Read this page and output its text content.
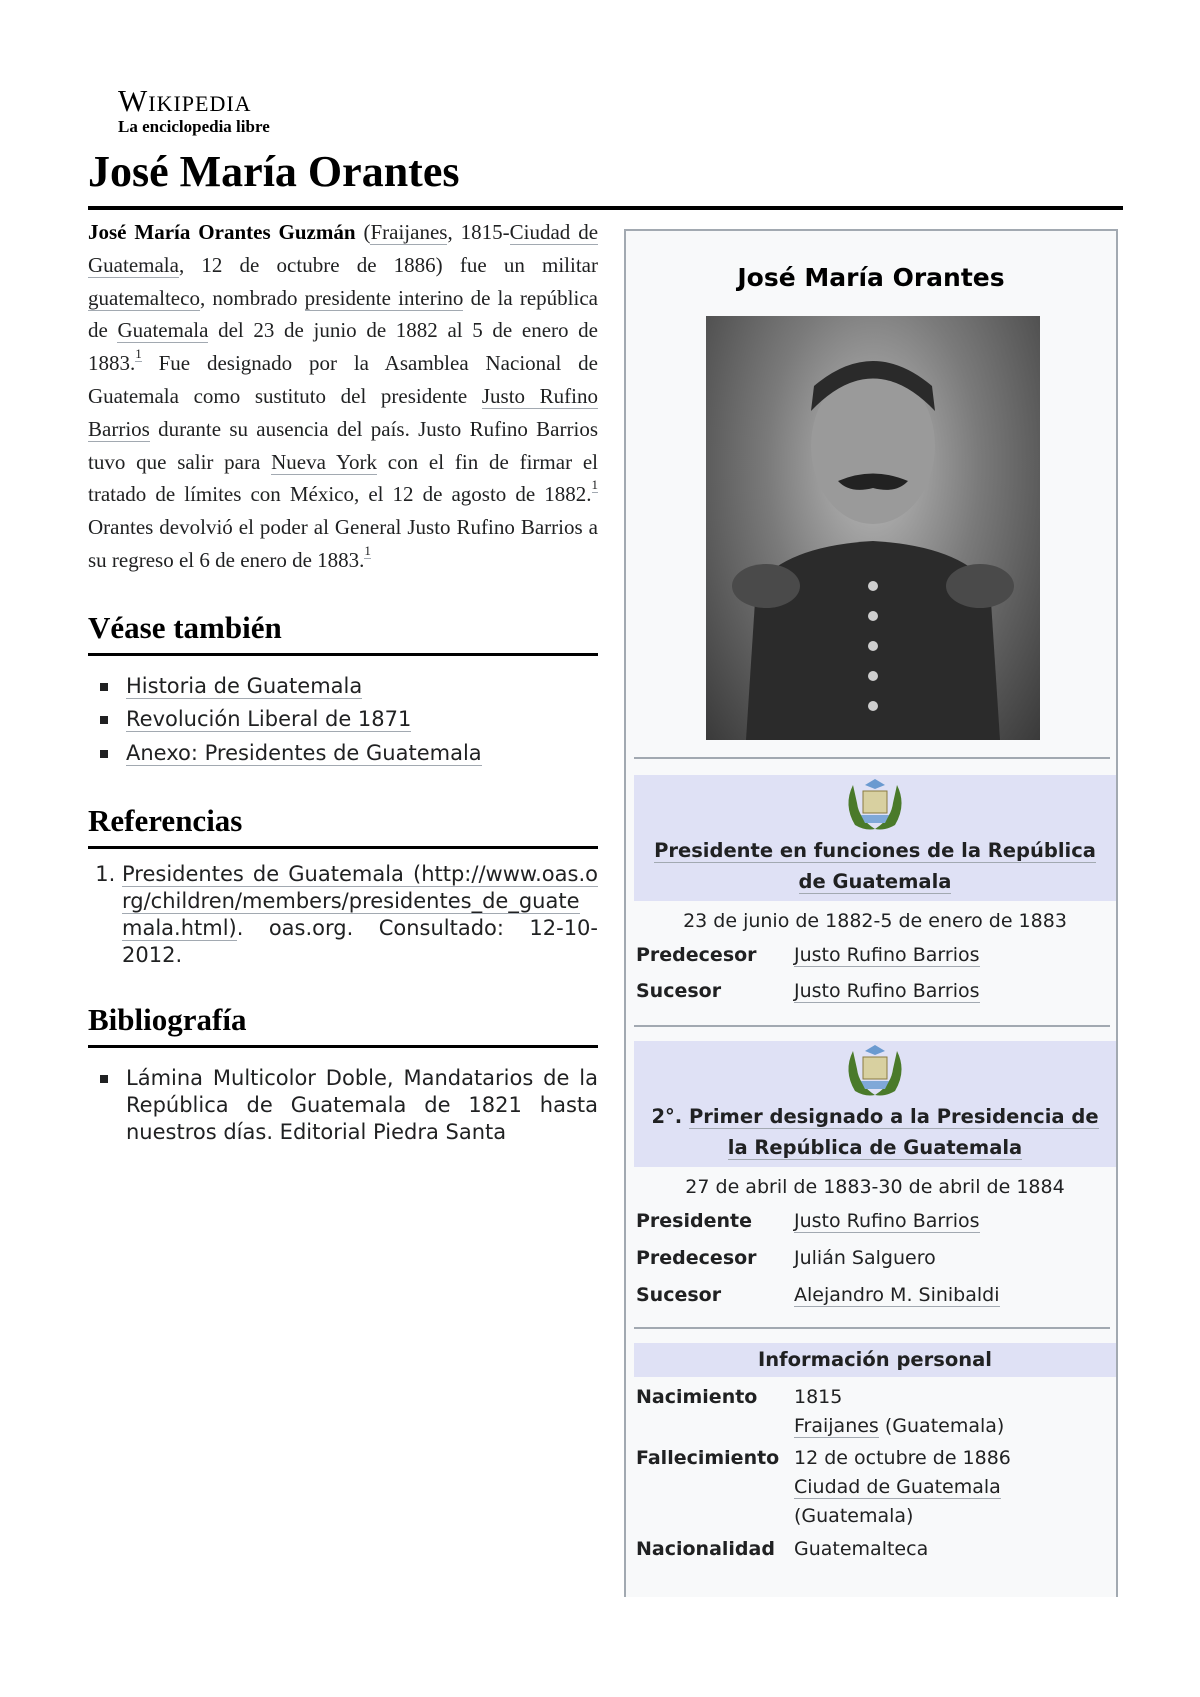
Wikipedia
La enciclopedia libre
José María Orantes

José María Orantes Guzmán (Fraijanes, 1815-Ciudad de Guatemala, 12 de octubre de 1886) fue un militar guatemalteco, nombrado presidente interino de la república de Guatemala del 23 de junio de 1882 al 5 de enero de 1883.$^1$ Fue designado por la Asamblea Nacional de Guatemala como sustituto del presidente Justo Rufino Barrios durante su ausencia del país. Justo Rufino Barrios tuvo que salir para Nueva York con el fin de firmar el tratado de límites con México, el 12 de agosto de 1882.$^1$ Orantes devolvió el poder al General Justo Rufino Barrios a su regreso el 6 de enero de 1883.$^1$

Véase también
Historia de Guatemala
Revolución Liberal de 1871
Anexo: Presidentes de Guatemala
Referencias
1. Presidentes de Guatemala (http://www.oas.org/children/members/presidentes_de_guatemala.html). oas.org. Consultado: 12-10-2012.
Bibliografía
Lámina Multicolor Doble, Mandatarios de la República de Guatemala de 1821 hasta nuestros días. Editorial Piedra Santa
José María Orantes
Presidente en funciones de la República de Guatemala
23 de junio de 1882-5 de enero de 1883
Predecesor Justo Rufino Barrios
Sucesor	Justo Rufino Barrios
2°. Primer designado a la Presidencia de la República de Guatemala
27 de abril de 1883-30 de abril de 1884
Presidente Justo Rufino Barrios
Predecesor Julián Salguero
Sucesor	Alejandro M. Sinibaldi
Información personal
Nacimiento 1815
Fraijanes (Guatemala)
Fallecimiento 12 de octubre de 1886
Ciudad de Guatemala
(Guatemala)
Nacionalidad Guatemalteca
